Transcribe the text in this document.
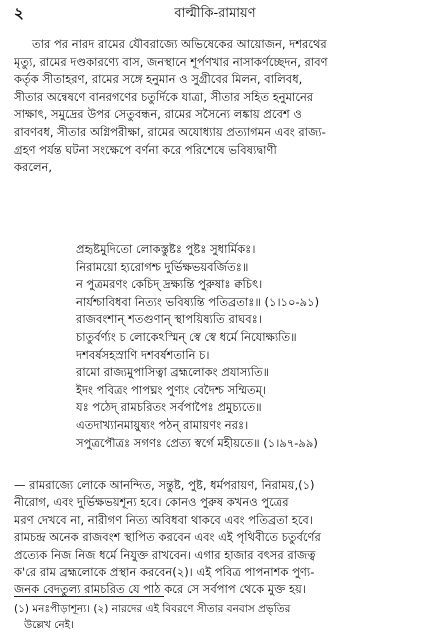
২	বাল্মীকি-রামায়ণ
তার পর নারদ রামের যৌবরাজ্যে অভিষেকের আয়োজন, দশরথের
মৃত্যু, রামের দণ্ডকারণ্যে বাস, জনস্থানে শূর্পণখার নাসাকর্ণচ্ছেদন, রাবণ
কর্তৃক সীতাহরণ, রামের সঙ্গে হনুমান ও সুগ্রীবের মিলন, বালিবধ,
সীতার অন্বেষণে বানরগণের চতুর্দিকে যাত্রা, সীতার সহিত হনুমানের
সাক্ষাৎ, সমুদ্রের উপর সেতুবন্ধন, রামের সসৈন্যে লঙ্কায় প্রবেশ ও
রাবণবধ, সীতার অগ্নিপরীক্ষা, রামের অযোধ্যায় প্রত্যাগমন এবং রাজ্য-
গ্রহণ পর্যন্ত ঘটনা সংক্ষেপে বর্ণনা করে পরিশেষে ভবিষ্যদ্বাণী
করলেন,
প্রহৃষ্টমুদিতো লোকস্তুষ্টঃ পুষ্টঃ সুধার্মিকঃ।
নিরাময়ো হ্যরোগশ্চ দুর্ভিক্ষভয়বর্জিতঃ॥
ন পুত্রমরণং কেচিদ্ দ্রক্ষ্যন্তি পুরুষাঃ ক্বচিৎ।
নার্যশ্চাবিধবা নিত্যং ভবিষ্যন্তি পতিব্রতাঃ॥ (১।১০-৯১)
রাজবংশান্ শতগুণান্ স্থাপয়িষ্যতি রাঘবঃ।
চাতুর্বর্ণ্যং চ লোকেঽস্মিন্ স্বে স্বে ধর্মে নিযোক্ষ্যতি॥
দশবর্ষসহস্রাণি দশবর্ষশতানি চ।
রামো রাজ্যমুপাসিত্বা ব্রহ্মলোকং প্রযাস্যতি॥
ইদং পবিত্রং পাপঘ্নং পুণ্যং বেদৈশ্চ সম্মিতম্।
যঃ পঠেদ্ রামচরিতং সর্বপাপৈঃ প্রমুচ্যতে॥
এতদাখ্যানমায়ুষ্যং পঠন্ রামায়ণং নরঃ।
সপুত্রপৌত্রঃ সগণঃ প্রেত্য স্বর্গে মহীয়তে॥ (১।৯৭-৯৯)
— রামরাজ্যে লোকে আনন্দিত, সন্তুষ্ট, পুষ্ট, ধর্মপরায়ণ, নিরাময়,(১)
নীরোগ, এবং দুর্ভিক্ষভয়শূন্য হবে। কোনও পুরুষ কখনও পুত্রের
মরণ দেখবে না, নারীগণ নিত্য অবিধবা থাকবে এবং পতিব্রতা হবে।
রামচন্দ্র অনেক রাজবংশ স্থাপিত করবেন এবং এই পৃথিবীতে চতুর্বর্ণের
প্রত্যেক নিজ নিজ ধর্মে নিযুক্ত রাখবেন। এগার হাজার বৎসর রাজত্ব
ক'রে রাম ব্রহ্মলোকে প্রস্থান করবেন(২)। এই পবিত্র পাপনাশক পুণ্য-
জনক বেদতুল্য রামচরিত যে পাঠ করে সে সর্বপাপ থেকে মুক্ত হয়।
(১) মনঃপীড়াশূন্য। (২) নারদের এই বিবরণে সীতার বনবাস প্রভৃতির
উল্লেখ নেই।
